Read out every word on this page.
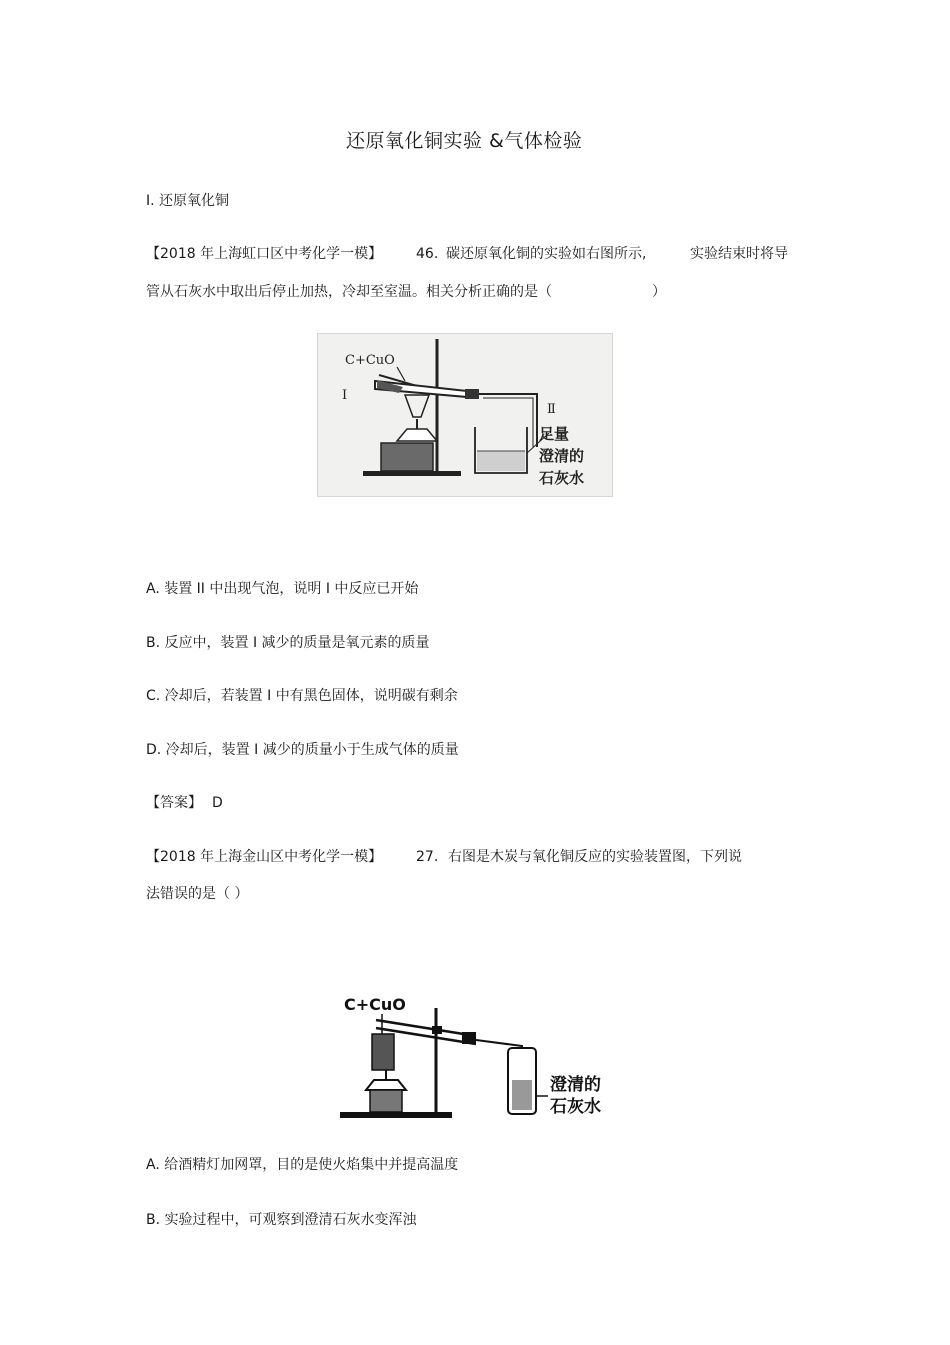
还原氧化铜实验 &气体检验
Ⅰ. 还原氧化铜
【2018 年上海虹口区中考化学一模】 46. 碳还原氧化铜的实验如右图所示,	实验结束时将导
管从石灰水中取出后停止加热，冷却至室温。相关分析正确的是（	）
C+CuO
Ⅰ
Ⅱ
足量
澄清的
石灰水
A. 装置 II 中出现气泡，说明 I 中反应已开始
B. 反应中，装置 I 减少的质量是氧元素的质量
C. 冷却后，若装置 I 中有黑色固体，说明碳有剩余
D. 冷却后，装置 I 减少的质量小于生成气体的质量
【答案】 D
【2018 年上海金山区中考化学一模】 27. 右图是木炭与氧化铜反应的实验装置图，下列说
法错误的是（ ）
C+CuO
澄清的
石灰水
A. 给酒精灯加网罩，目的是使火焰集中并提高温度
B. 实验过程中，可观察到澄清石灰水变浑浊
